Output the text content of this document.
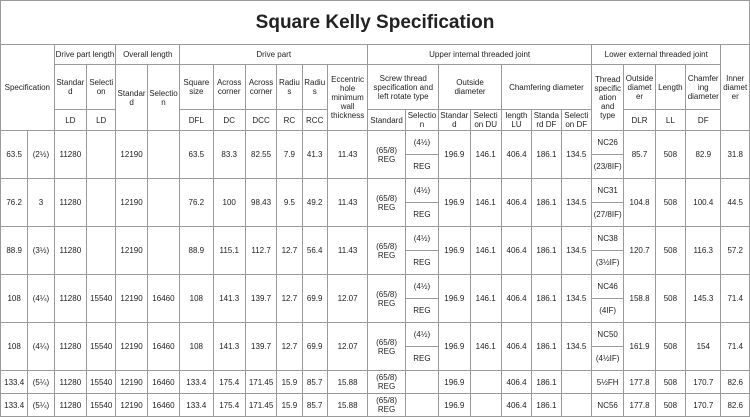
Square Kelly Specification
Specification		Drive part length		Overall length		Drive part						Upper internal threaded joint							Lower external threaded joint				Inner diameter
		Standard	Selection	Standard	Selection	Square size	Across corner	Across corner	Radius	Radius	Eccentric hole minimum wall thickness	Screw thread specification and left rotate type		Outside diameter		Chamfering diameter			Thread specification and type	Outside diameter	Length	Chamfering diameter	
		LD	LD			DFL	DC	DCC	RC	RCC		Standard	Selection	Standard	Selection DU	length LU	Standard DF	Selection DF		DLR	LL	DF	
63.5	(2½)	11280		12190		63.5	83.3	82.55	7.9	41.3	11.43	(65/8) REG	(4½)	196.9	146.1	406.4	186.1	134.5	NC26	85.7	508	82.9	31.8
													REG						(23/8IF)				
76.2	3	11280		12190		76.2	100	98.43	9.5	49.2	11.43	(65/8) REG	(4½)	196.9	146.1	406.4	186.1	134.5	NC31	104.8	508	100.4	44.5
													REG						(27/8IF)				
88.9	(3½)	11280		12190		88.9	115.1	112.7	12.7	56.4	11.43	(65/8) REG	(4½)	196.9	146.1	406.4	186.1	134.5	NC38	120.7	508	116.3	57.2
													REG						(3½IF)				
108	(4¼)	11280	15540	12190	16460	108	141.3	139.7	12.7	69.9	12.07	(65/8) REG	(4½)	196.9	146.1	406.4	186.1	134.5	NC46	158.8	508	145.3	71.4
													REG						(4IF)				
108	(4¼)	11280	15540	12190	16460	108	141.3	139.7	12.7	69.9	12.07	(65/8) REG	(4½)	196.9	146.1	406.4	186.1	134.5	NC50	161.9	508	154	71.4
													REG						(4½IF)				
133.4	(5¼)	11280	15540	12190	16460	133.4	175.4	171.45	15.9	85.7	15.88	(65/8) REG		196.9		406.4	186.1		5½FH	177.8	508	170.7	82.6
133.4	(5¼)	11280	15540	12190	16460	133.4	175.4	171.45	15.9	85.7	15.88	(65/8) REG		196.9		406.4	186.1		NC56	177.8	508	170.7	82.6
